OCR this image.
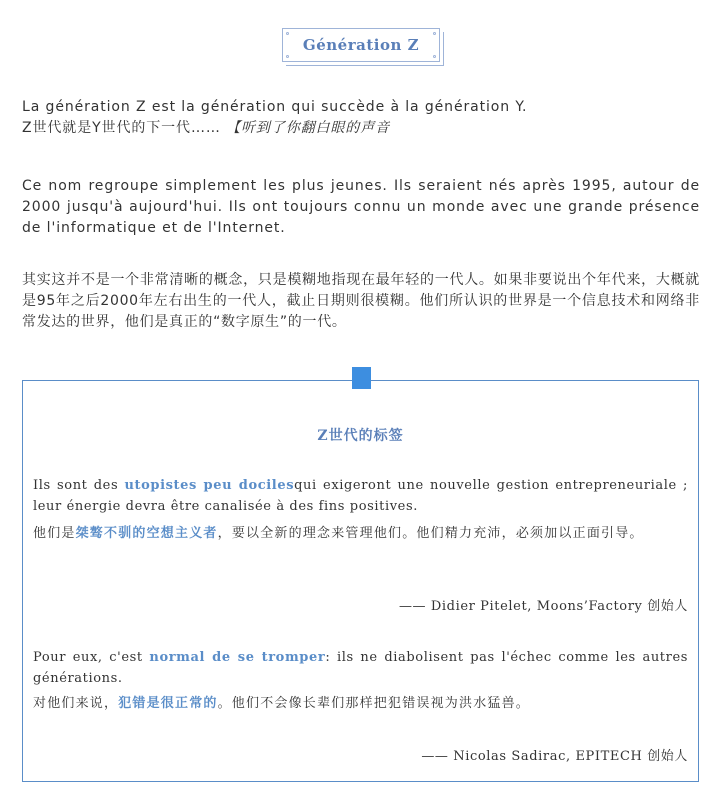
Génération Z
La génération Z est la génération qui succède à la génération Y.
Z世代就是Y世代的下一代…… 【听到了你翻白眼的声音
Ce nom regroupe simplement les plus jeunes. Ils seraient nés après 1995, autour de 2000 jusqu'à aujourd'hui. Ils ont toujours connu un monde avec une grande présence de l'informatique et de l'Internet.
其实这并不是一个非常清晰的概念，只是模糊地指现在最年轻的一代人。如果非要说出个年代来，大概就是95年之后2000年左右出生的一代人，截止日期则很模糊。他们所认识的世界是一个信息技术和网络非常发达的世界，他们是真正的“数字原生”的一代。
Z世代的标签
Ils sont des utopistes peu docilesqui exigeront une nouvelle gestion entrepreneuriale ; leur énergie devra être canalisée à des fins positives.
他们是桀骜不驯的空想主义者，要以全新的理念来管理他们。他们精力充沛，必须加以正面引导。
—— Didier Pitelet, Moons’Factory 创始人
Pour eux, c'est normal de se tromper: ils ne diabolisent pas l'échec comme les autres générations.
对他们来说，犯错是很正常的。他们不会像长辈们那样把犯错误视为洪水猛兽。
—— Nicolas Sadirac, EPITECH 创始人
